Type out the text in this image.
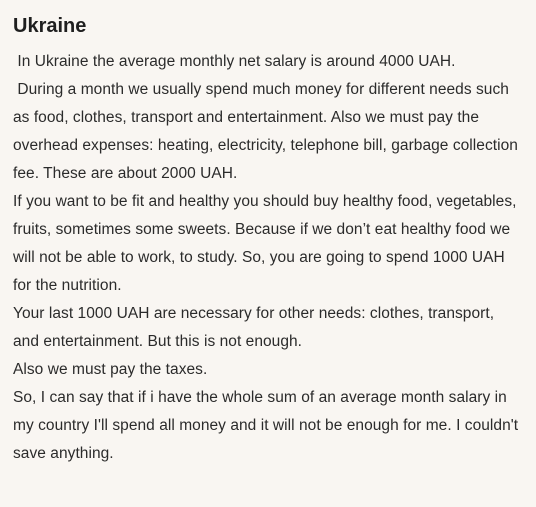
Ukraine

In Ukraine the average monthly net salary is around 4000 UAH.

During a month we usually spend much money for different needs such as food, clothes, transport and entertainment. Also we must pay the overhead expenses: heating, electricity, telephone bill, garbage collection fee. These are about 2000 UAH.

If you want to be fit and healthy you should buy healthy food, vegetables, fruits, sometimes some sweets. Because if we don’t eat healthy food we will not be able to work, to study. So, you are going to spend 1000 UAH for the nutrition.

Your last 1000 UAH are necessary for other needs: clothes, transport, and entertainment. But this is not enough.

Also we must pay the taxes.

So, I can say that if i have the whole sum of an average month salary in my country I'll spend all money and it will not be enough for me. I couldn't save anything.
